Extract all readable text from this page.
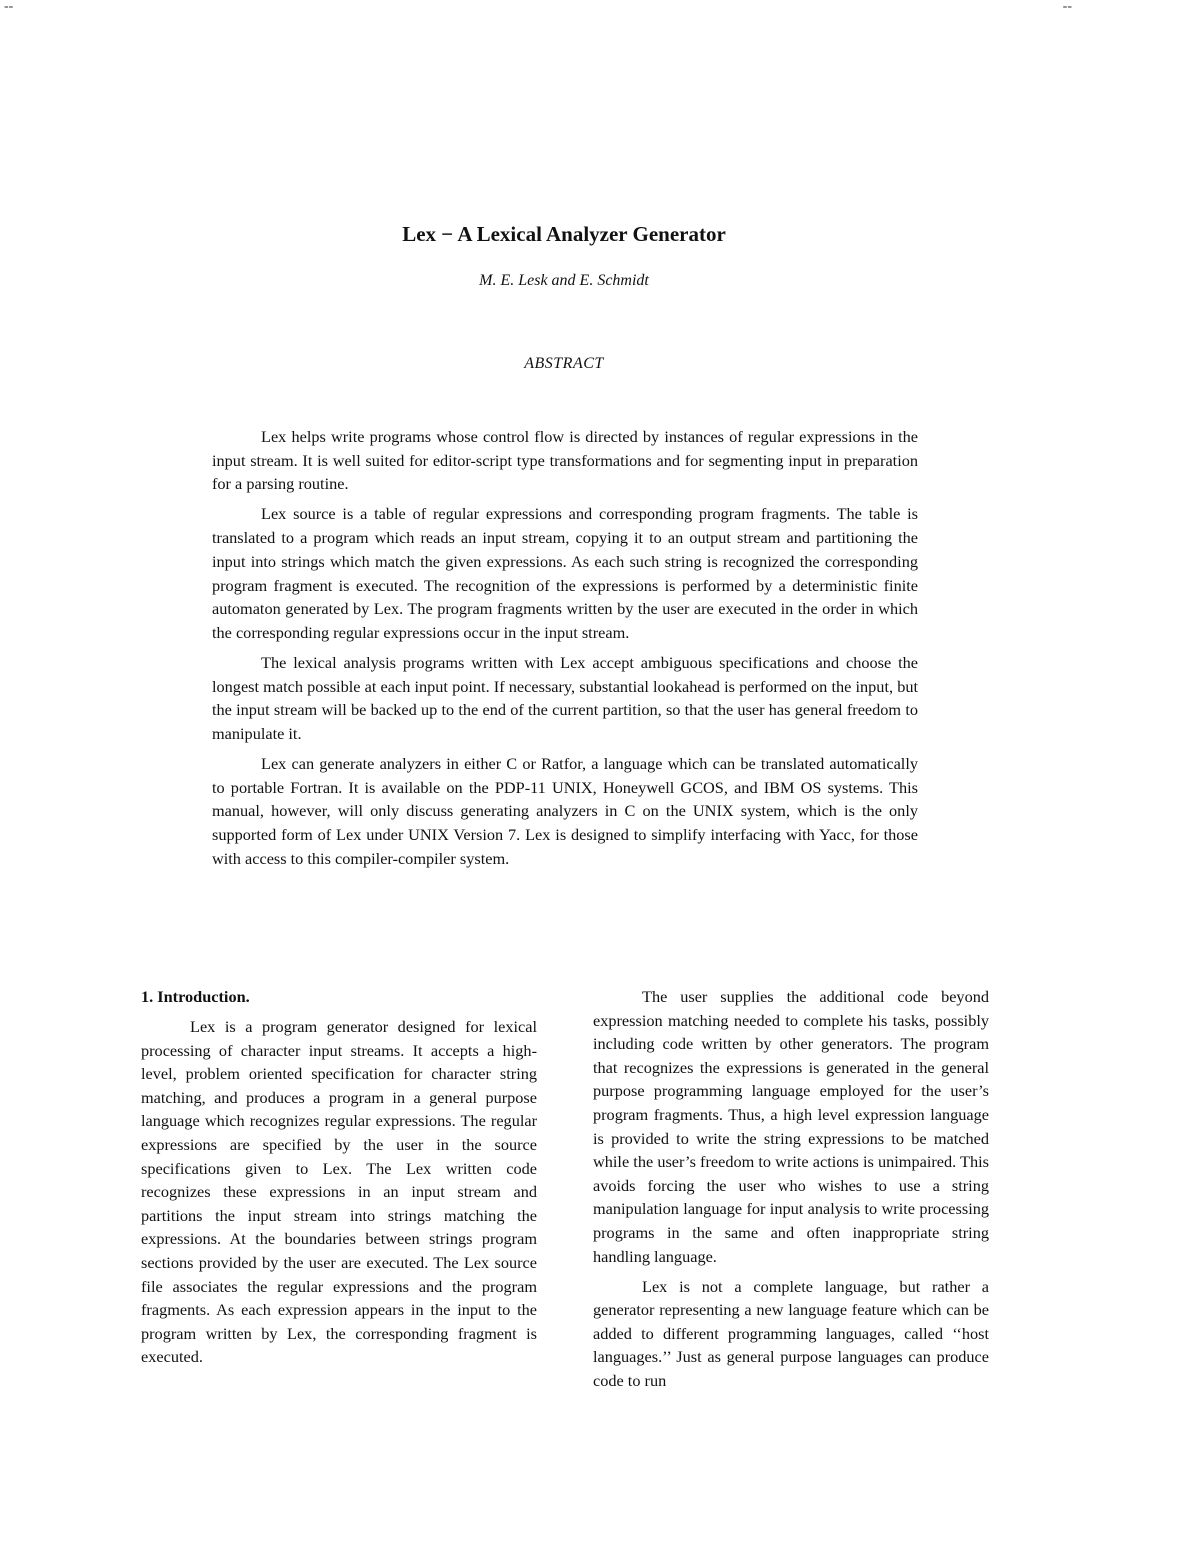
--	--
Lex − A Lexical Analyzer Generator
M. E. Lesk and E. Schmidt
ABSTRACT

Lex helps write programs whose control flow is directed by instances of regular expressions in the input stream. It is well suited for editor-script type transformations and for segmenting input in preparation for a parsing routine.

Lex source is a table of regular expressions and corresponding program fragments. The table is translated to a program which reads an input stream, copying it to an output stream and partitioning the input into strings which match the given expressions. As each such string is recognized the corresponding program fragment is executed. The recognition of the expressions is performed by a deterministic finite automaton generated by Lex. The program fragments written by the user are executed in the order in which the corresponding regular expressions occur in the input stream.

The lexical analysis programs written with Lex accept ambiguous specifications and choose the longest match possible at each input point. If necessary, substantial lookahead is performed on the input, but the input stream will be backed up to the end of the current partition, so that the user has general freedom to manipulate it.

Lex can generate analyzers in either C or Ratfor, a language which can be translated automatically to portable Fortran. It is available on the PDP-11 UNIX, Honeywell GCOS, and IBM OS systems. This manual, however, will only discuss generating analyzers in C on the UNIX system, which is the only supported form of Lex under UNIX Version 7. Lex is designed to simplify interfacing with Yacc, for those with access to this compiler-compiler system.

1. Introduction.

Lex is a program generator designed for lexical processing of character input streams. It accepts a high-level, problem oriented specification for character string matching, and produces a program in a general purpose language which recognizes regular expressions. The regular expressions are specified by the user in the source specifications given to Lex. The Lex written code recognizes these expressions in an input stream and partitions the input stream into strings matching the expressions. At the boundaries between strings program sections provided by the user are executed. The Lex source file associates the regular expressions and the program fragments. As each expression appears in the input to the program written by Lex, the corresponding fragment is executed.

The user supplies the additional code beyond expression matching needed to complete his tasks, possibly including code written by other generators. The program that recognizes the expressions is generated in the general purpose programming language employed for the user’s program fragments. Thus, a high level expression language is provided to write the string expressions to be matched while the user’s freedom to write actions is unimpaired. This avoids forcing the user who wishes to use a string manipulation language for input analysis to write processing programs in the same and often inappropriate string handling language.

Lex is not a complete language, but rather a generator representing a new language feature which can be added to different programming languages, called ‘‘host languages.’’ Just as general purpose languages can produce code to run
